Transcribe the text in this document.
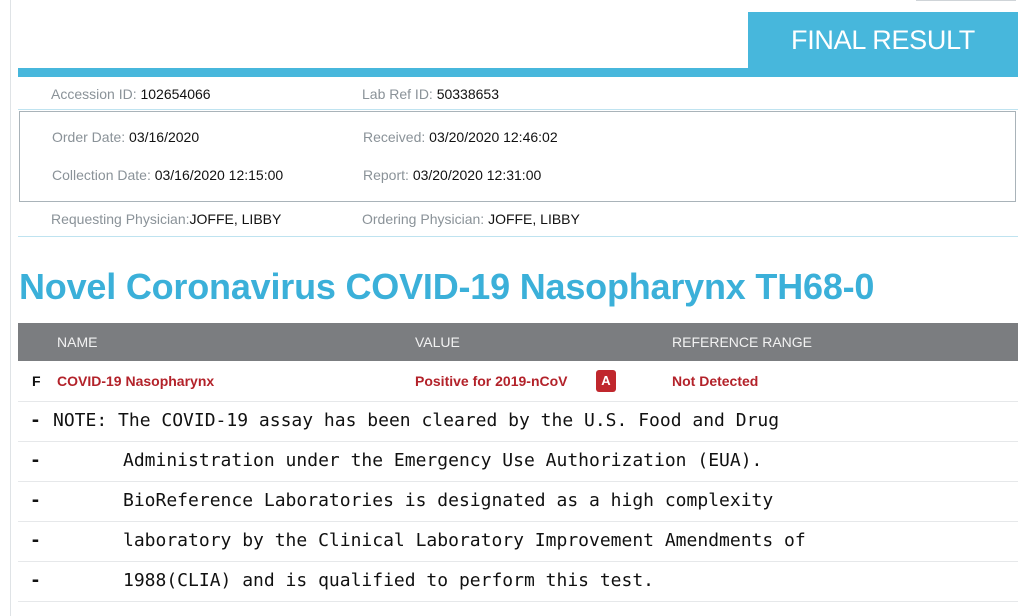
FINAL RESULT
Accession ID: 102654066	Lab Ref ID: 50338653
Order Date: 03/16/2020	Received: 03/20/2020 12:46:02
Collection Date: 03/16/2020 12:15:00	Report: 03/20/2020 12:31:00
Requesting Physician:JOFFE, LIBBY	Ordering Physician: JOFFE, LIBBY
Novel Coronavirus COVID-19 Nasopharynx TH68-0
NAME	VALUE	REFERENCE RANGE
F COVID-19 Nasopharynx	Positive for 2019-nCoV	A	Not Detected
- NOTE: The COVID-19 assay has been cleared by the U.S. Food and Drug
-	Administration under the Emergency Use Authorization (EUA).
-	BioReference Laboratories is designated as a high complexity
-	laboratory by the Clinical Laboratory Improvement Amendments of
-	1988(CLIA) and is qualified to perform this test.
